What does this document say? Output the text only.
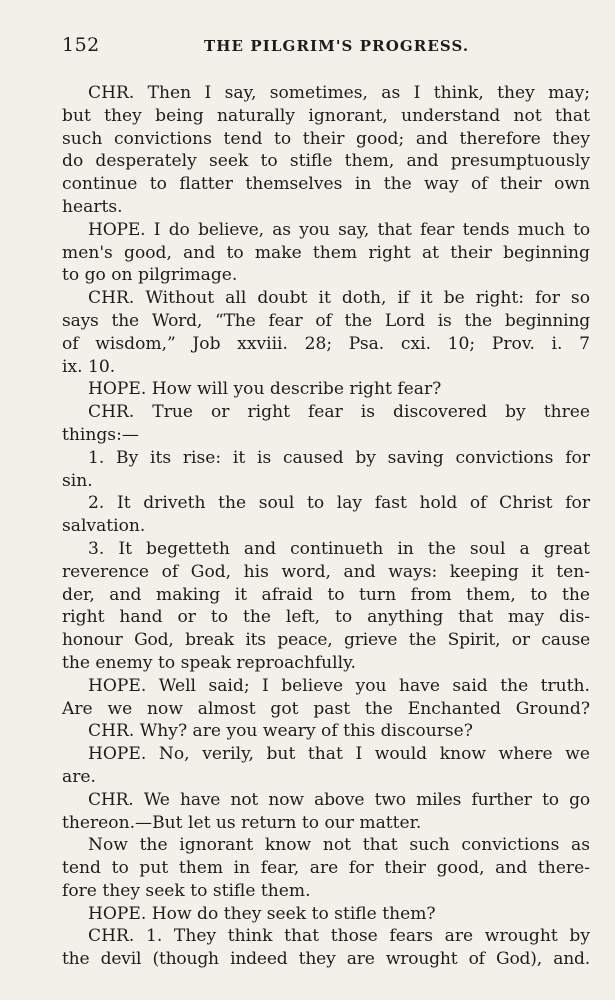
152	THE PILGRIM'S PROGRESS.
CHR. Then I say, sometimes, as I think, they may;
but they being naturally ignorant, understand not that
such convictions tend to their good; and therefore they
do desperately seek to stifle them, and presumptuously
continue to flatter themselves in the way of their own
hearts.
HOPE. I do believe, as you say, that fear tends much to
men's good, and to make them right at their beginning
to go on pilgrimage.
CHR. Without all doubt it doth, if it be right: for so
says the Word, “The fear of the Lord is the beginning
of wisdom,” Job xxviii. 28; Psa. cxi. 10; Prov. i. 7
ix. 10.
HOPE. How will you describe right fear?
CHR. True or right fear is discovered by three
things:—
1. By its rise: it is caused by saving convictions for
sin.
2. It driveth the soul to lay fast hold of Christ for
salvation.
3. It begetteth and continueth in the soul a great
reverence of God, his word, and ways: keeping it ten-
der, and making it afraid to turn from them, to the
right hand or to the left, to anything that may dis-
honour God, break its peace, grieve the Spirit, or cause
the enemy to speak reproachfully.
HOPE. Well said; I believe you have said the truth.
Are we now almost got past the Enchanted Ground?
CHR. Why? are you weary of this discourse?
HOPE. No, verily, but that I would know where we
are.
CHR. We have not now above two miles further to go
thereon.—But let us return to our matter.
Now the ignorant know not that such convictions as
tend to put them in fear, are for their good, and there-
fore they seek to stifle them.
HOPE. How do they seek to stifle them?
CHR. 1. They think that those fears are wrought by
the devil (though indeed they are wrought of God), and.
